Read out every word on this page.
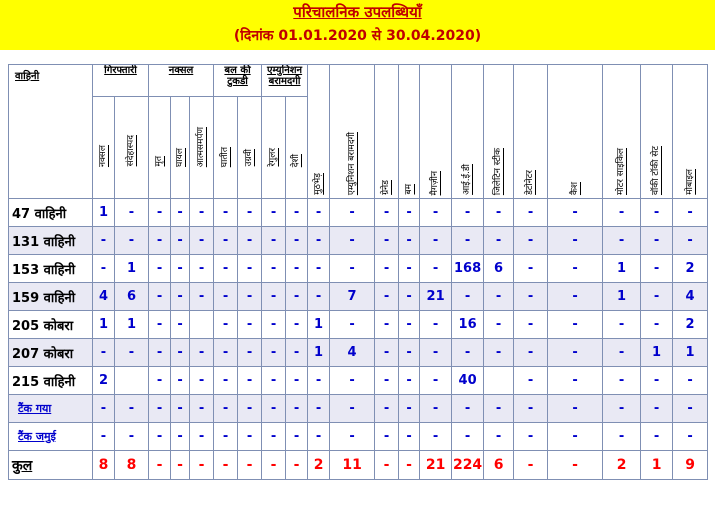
परिचालनिक उपलब्धियाँ
(दिनांक 01.01.2020 से 30.04.2020)
वाहिनी	गिरफ्तारी		नक्सल			बल की टुकडी		एम्युनिशन बरामदगी		मुठभेड़	एम्युनिशन बरामदगी	ग्रेनेड	बम	मैगज़ीन	आई.ई.डी	जिलेटिन स्टीक	डेटोनेटर	कैश	मोटर साइकिल	वॉकी टॉकी सेट	मोबाइल

	नक्सल	संदेहास्पद	मृत	घायल	आत्मसमर्पण	घातीत	उग्रवी	रेगुलर	देशी												

47 वाहिनी	1	-	-	-	-	-	-	-	-	-	-	-	-	-	-	-	-	-	-	-	-
131 वाहिनी	-	-	-	-	-	-	-	-	-	-	-	-	-	-	-	-	-	-	-	-	-
153 वाहिनी	-	1	-	-	-	-	-	-	-	-	-	-	-	-	168	6	-	-	1	-	2
159 वाहिनी	4	6	-	-	-	-	-	-	-	-	7	-	-	21	-	-	-	-	1	-	4
205 कोबरा	1	1	-	-		-	-	-	-	1	-	-	-	-	16	-	-	-	-	-	2
207 कोबरा	-	-	-	-	-	-	-	-	-	1	4	-	-	-	-	-	-	-	-	1	1
215 वाहिनी	2		-	-	-	-	-	-	-	-	-	-	-	-	40		-	-	-	-	-
टैंक गया	-	-	-	-	-	-	-	-	-	-	-	-	-	-	-	-	-	-	-	-	-
टैंक जमुई	-	-	-	-	-	-	-	-	-	-	-	-	-	-	-	-	-	-	-	-	-
कुल	8	8	-	-	-	-	-	-	-	2	11	-	-	21	224	6	-	-	2	1	9
